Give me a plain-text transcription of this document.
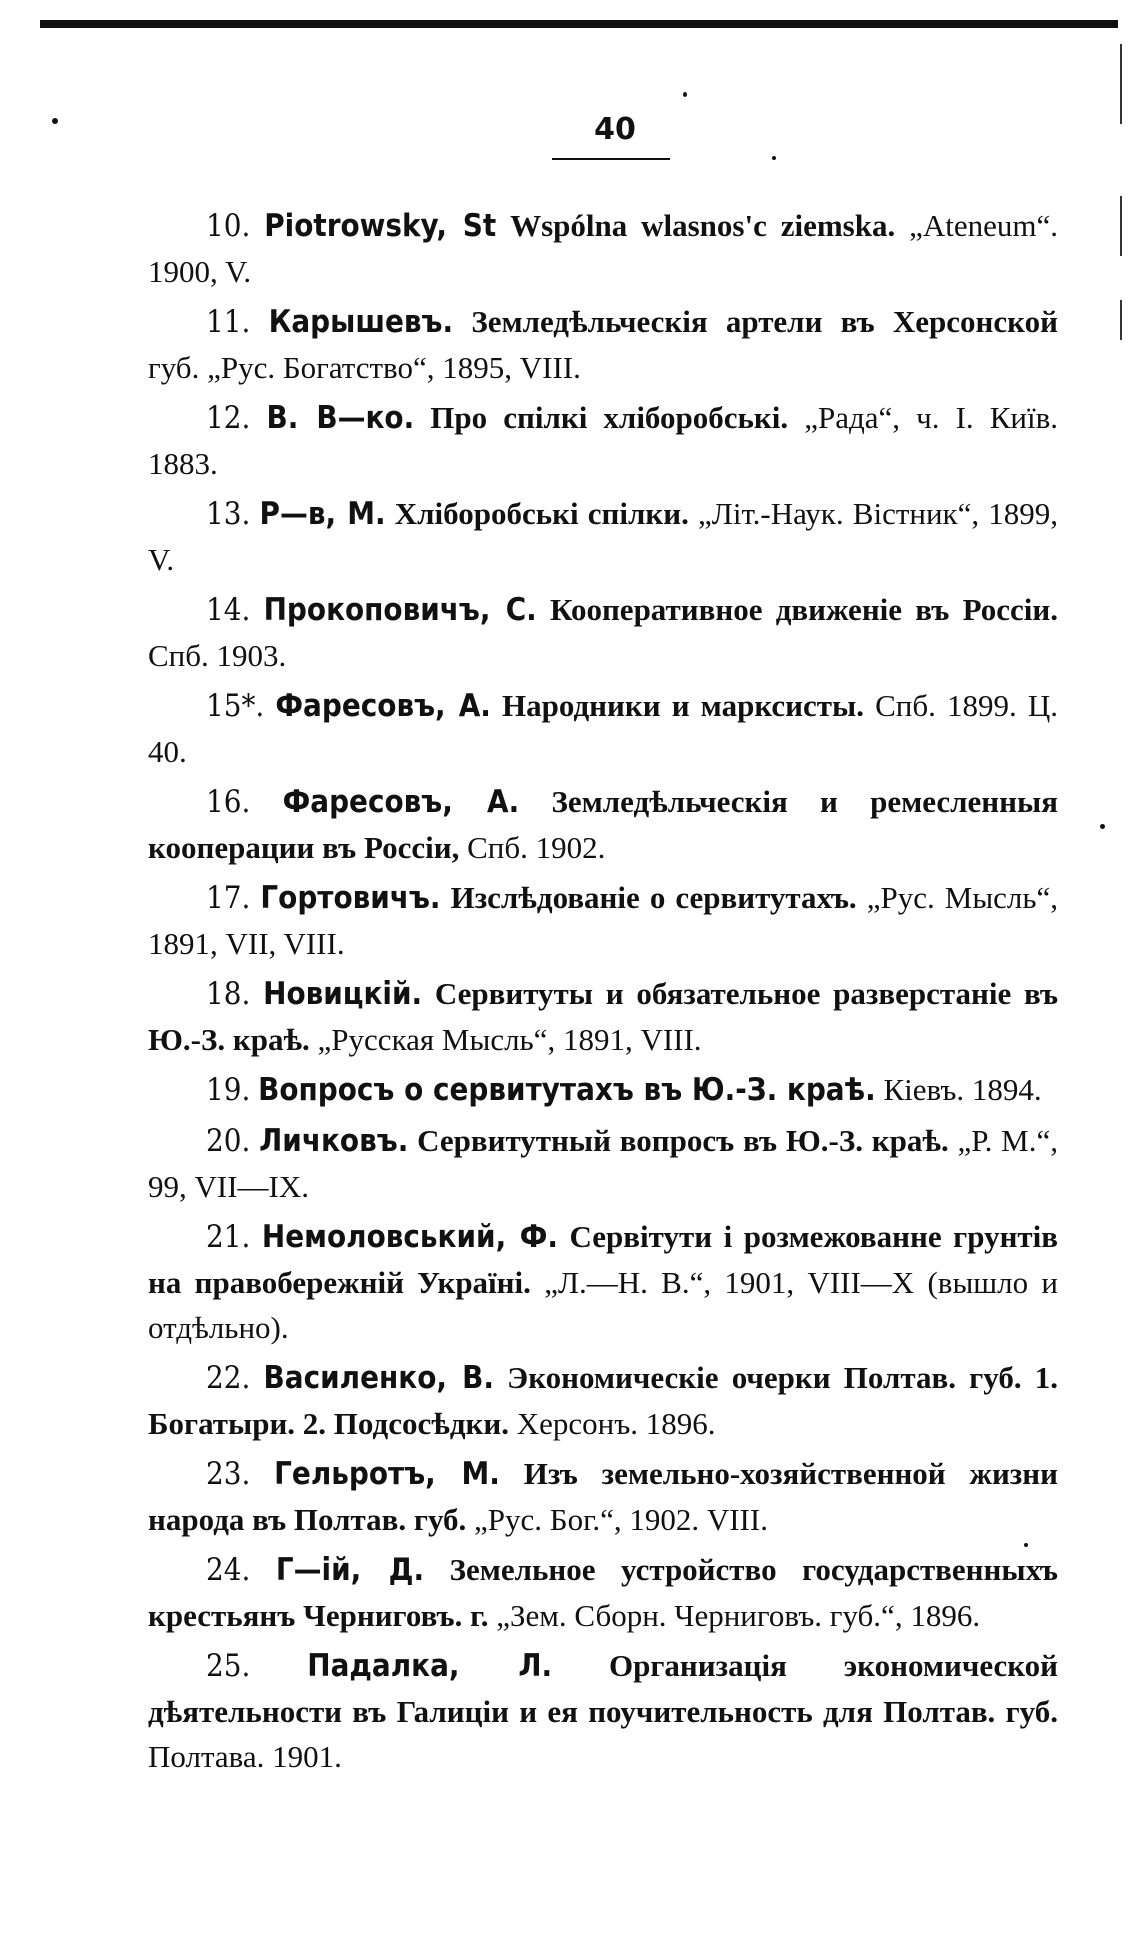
40

10. Piotrowsky, St Wspólna wlasnos'c ziemska. „Ateneum“. 1900, V.

11. Карышевъ. Земледѣльческія артели въ Херсонской губ. „Рус. Богатство“, 1895, VIII.

12. В. В—ко. Про спілкі хліборобські. „Рада“, ч. I. Київ. 1883.

13. Р—в, М. Хліборобські спілки. „Літ.-Наук. Вістник“, 1899, V.

14. Прокоповичъ, С. Кооперативное движеніе въ Россіи. Спб. 1903.

15*. Фаресовъ, А. Народники и марксисты. Спб. 1899. Ц. 40.

16. Фаресовъ, А. Земледѣльческія и ремесленныя кооперации въ Россіи, Спб. 1902.

17. Гортовичъ. Изслѣдованіе о сервитутахъ. „Рус. Мысль“, 1891, VII, VIII.

18. Новицкій. Сервитуты и обязательное разверстаніе въ Ю.-З. краѣ. „Русская Мысль“, 1891, VIII.

19. Вопросъ о сервитутахъ въ Ю.-З. краѣ. Кіевъ. 1894.

20. Личковъ. Сервитутный вопросъ въ Ю.-З. краѣ. „Р. М.“, 99, VII—IX.

21. Немоловський, Ф. Сервітути і розмежованне грунтів на правобережній Україні. „Л.—Н. В.“, 1901, VIII—X (вышло и отдѣльно).

22. Василенко, В. Экономическіе очерки Полтав. губ. 1. Богатыри. 2. Подсосѣдки. Херсонъ. 1896.

23. Гельротъ, М. Изъ земельно-хозяйственной жизни народа въ Полтав. губ. „Рус. Бог.“, 1902. VIII.

24. Г—ій, Д. Земельное устройство государственныхъ крестьянъ Черниговъ. г. „Зем. Сборн. Черниговъ. губ.“, 1896.

25. Падалка, Л. Организація экономической дѣятельности въ Галиціи и ея поучительность для Полтав. губ. Полтава. 1901.
